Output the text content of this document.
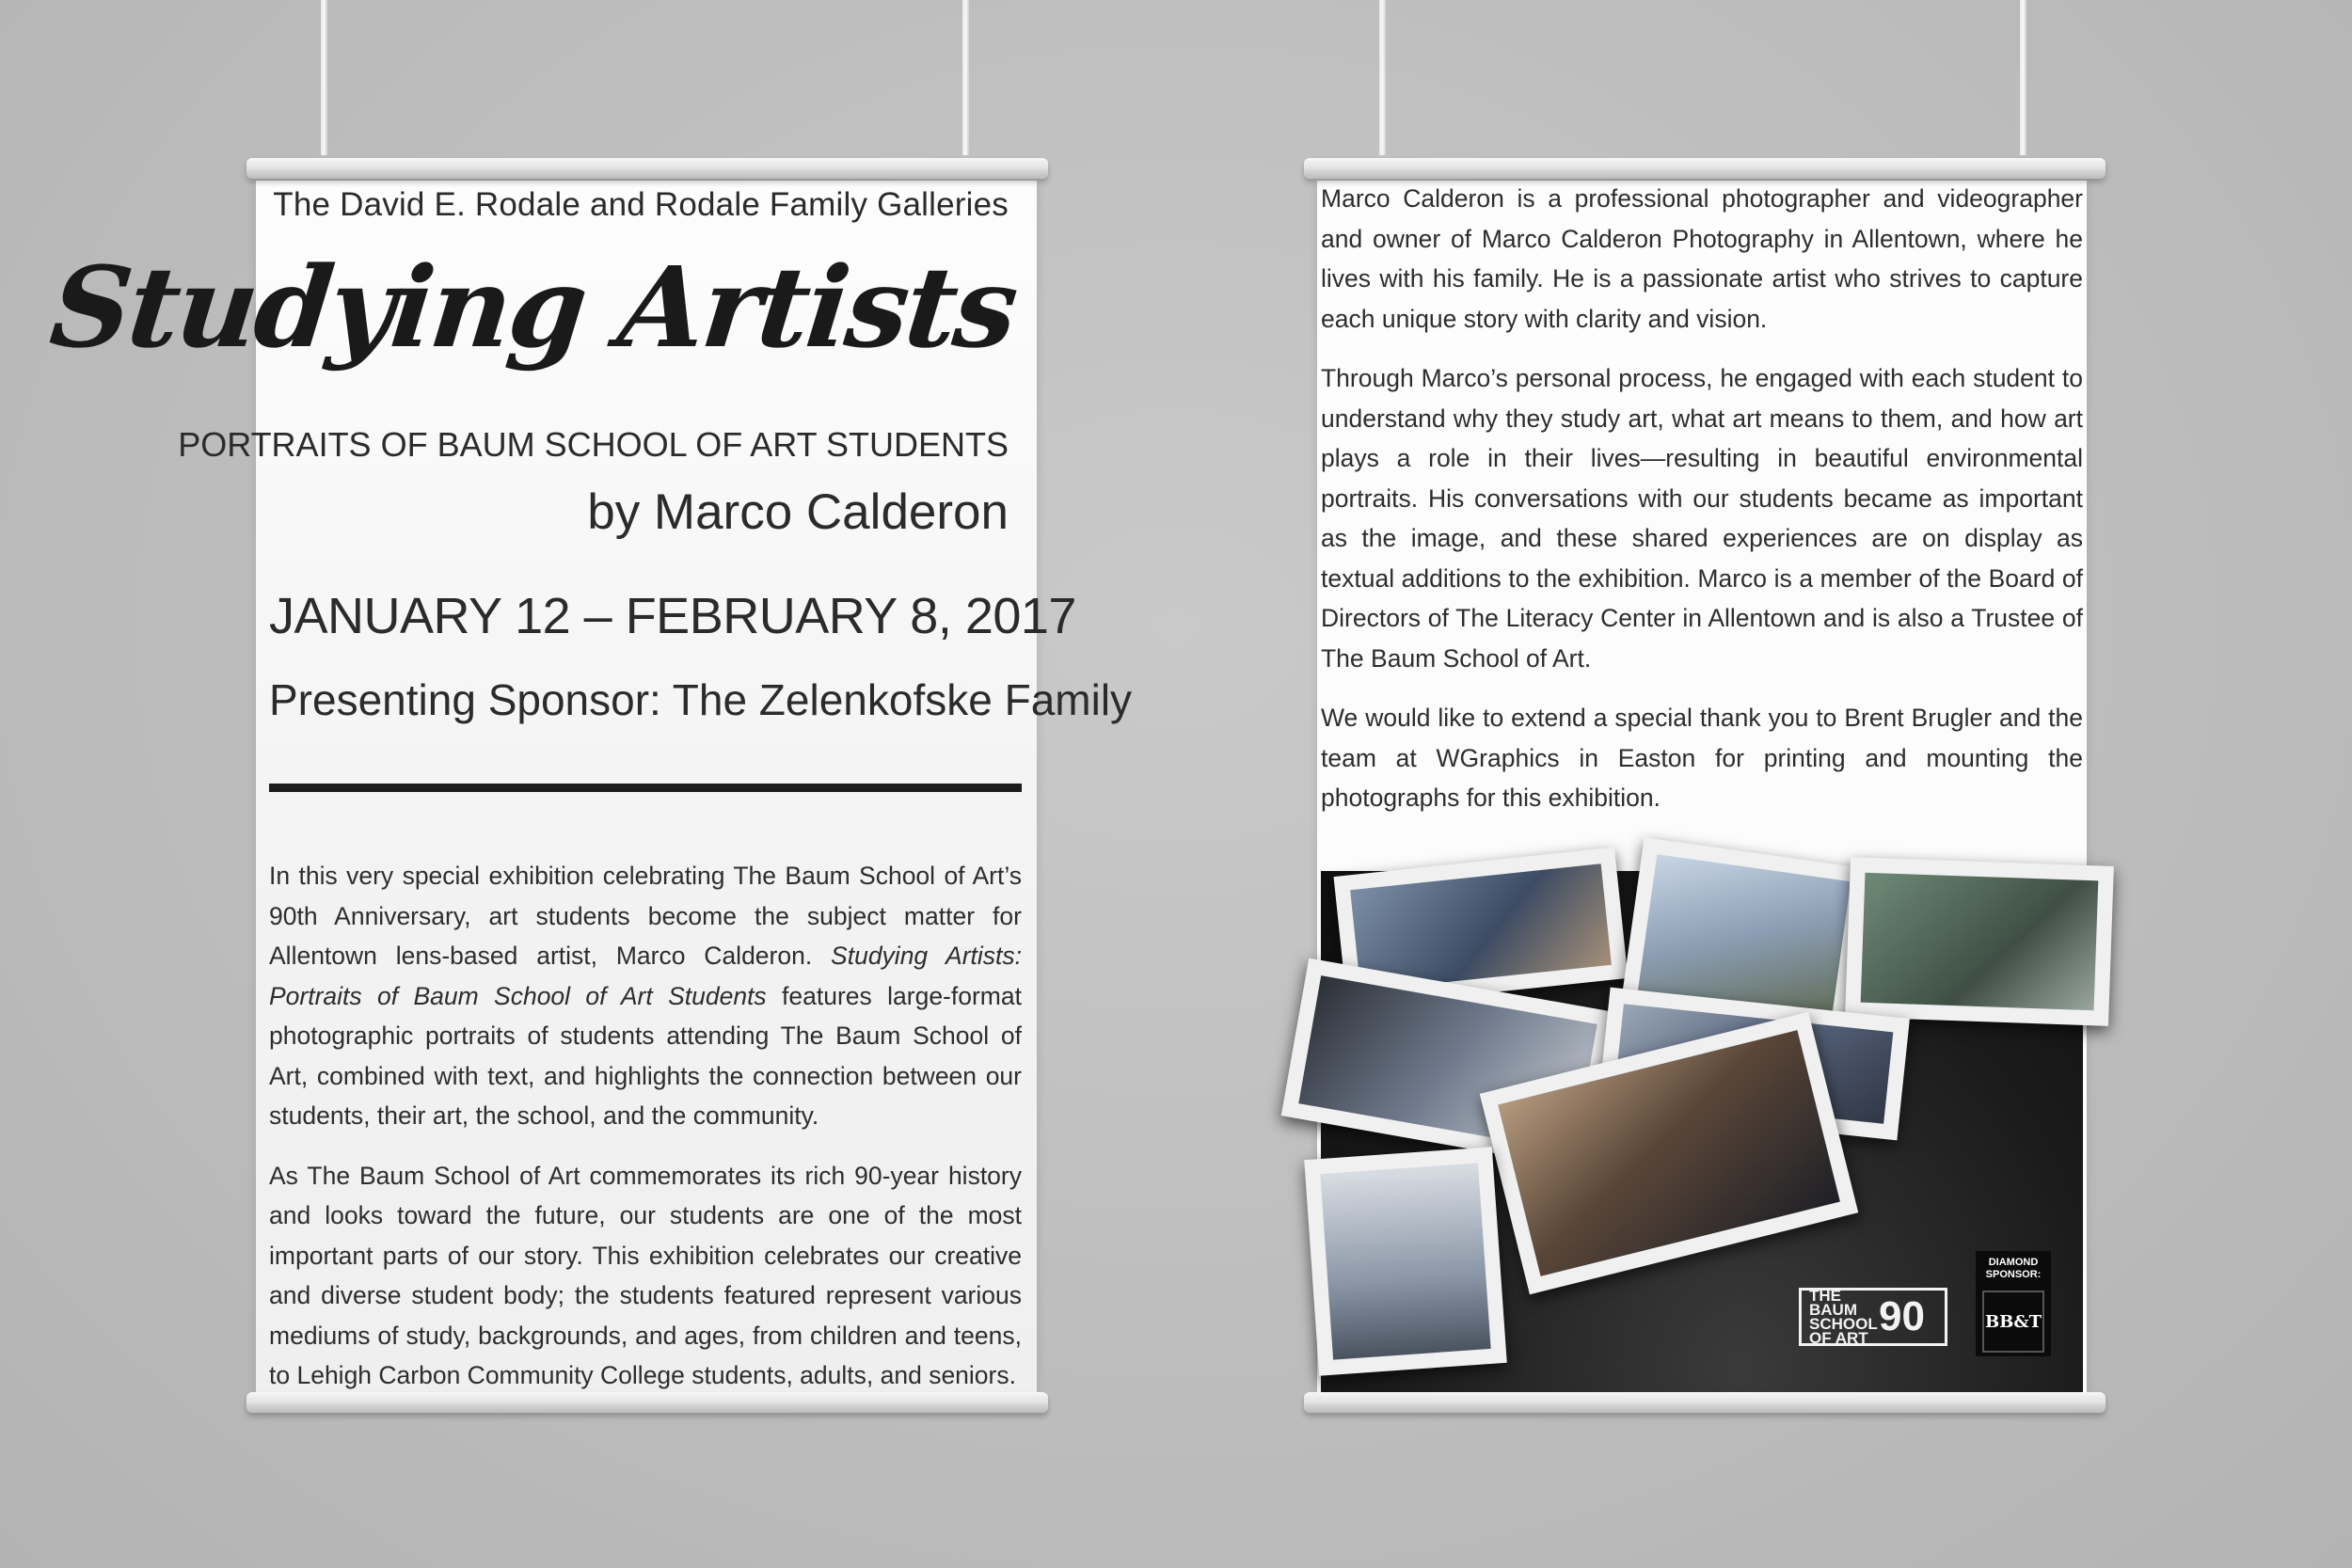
The David E. Rodale and Rodale Family Galleries
Studying Artists
PORTRAITS OF BAUM SCHOOL OF ART STUDENTS
by Marco Calderon
JANUARY 12 – FEBRUARY 8, 2017
Presenting Sponsor: The Zelenkofske Family

In this very special exhibition celebrating The Baum School of Art’s 90th Anniversary, art students become the subject matter for Allentown lens-based artist, Marco Calderon. Studying Artists: Portraits of Baum School of Art Students features large-format photographic portraits of students attending The Baum School of Art, combined with text, and highlights the connection between our students, their art, the school, and the community.

As The Baum School of Art commemorates its rich 90-year history and looks toward the future, our students are one of the most important parts of our story. This exhibition celebrates our creative and diverse student body; the students featured represent various mediums of study, backgrounds, and ages, from children and teens, to Lehigh Carbon Community College students, adults, and seniors.

Marco Calderon is a professional photographer and videographer and owner of Marco Calderon Photography in Allentown, where he lives with his family. He is a passionate artist who strives to capture each unique story with clarity and vision.

Through Marco’s personal process, he engaged with each student to understand why they study art, what art means to them, and how art plays a role in their lives—resulting in beautiful environmental portraits. His conversations with our students became as important as the image, and these shared experiences are on display as textual additions to the exhibition. Marco is a member of the Board of Directors of The Literacy Center in Allentown and is also a Trustee of The Baum School of Art.

We would like to extend a special thank you to Brent Brugler and the team at WGraphics in Easton for printing and mounting the photographs for this exhibition.

THE BAUM SCHOOL OF ART 90
DIAMOND SPONSOR:
BB&T
